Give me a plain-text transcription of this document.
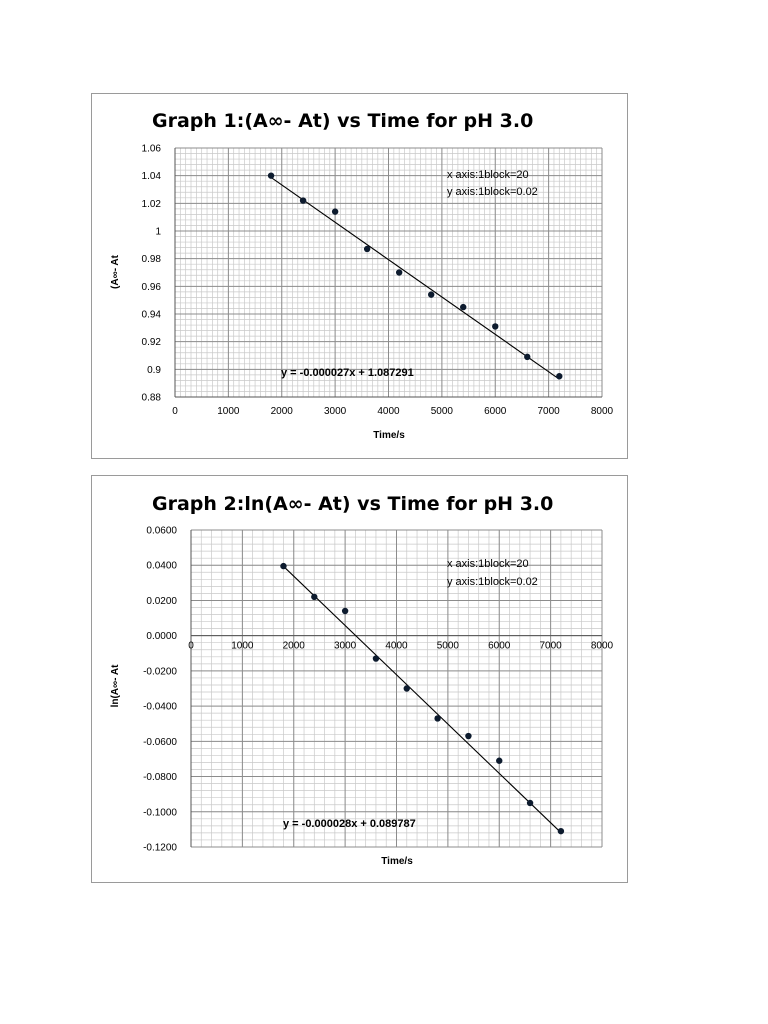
Graph 1:(A∞- At) vs Time for pH 3.0
1.06
1.04
1.02
1
0.98
0.96
0.94
0.92
0.9
0.88
0	1000	2000	3000	4000	5000	6000	7000	8000
x axis:1block=20
y axis:1block=0.02
y = -0.000027x + 1.087291
Time/s
(A∞- At
Graph 2:ln(A∞- At) vs Time for pH 3.0
0.0600
0.0400
0.0200
0.0000
-0.0200
-0.0400
-0.0600
-0.0800
-0.1000
-0.1200
0	1000	2000	3000	4000	5000	6000	7000	8000
x axis:1block=20
y axis:1block=0.02
y = -0.000028x + 0.089787
Time/s
ln(A∞- At
